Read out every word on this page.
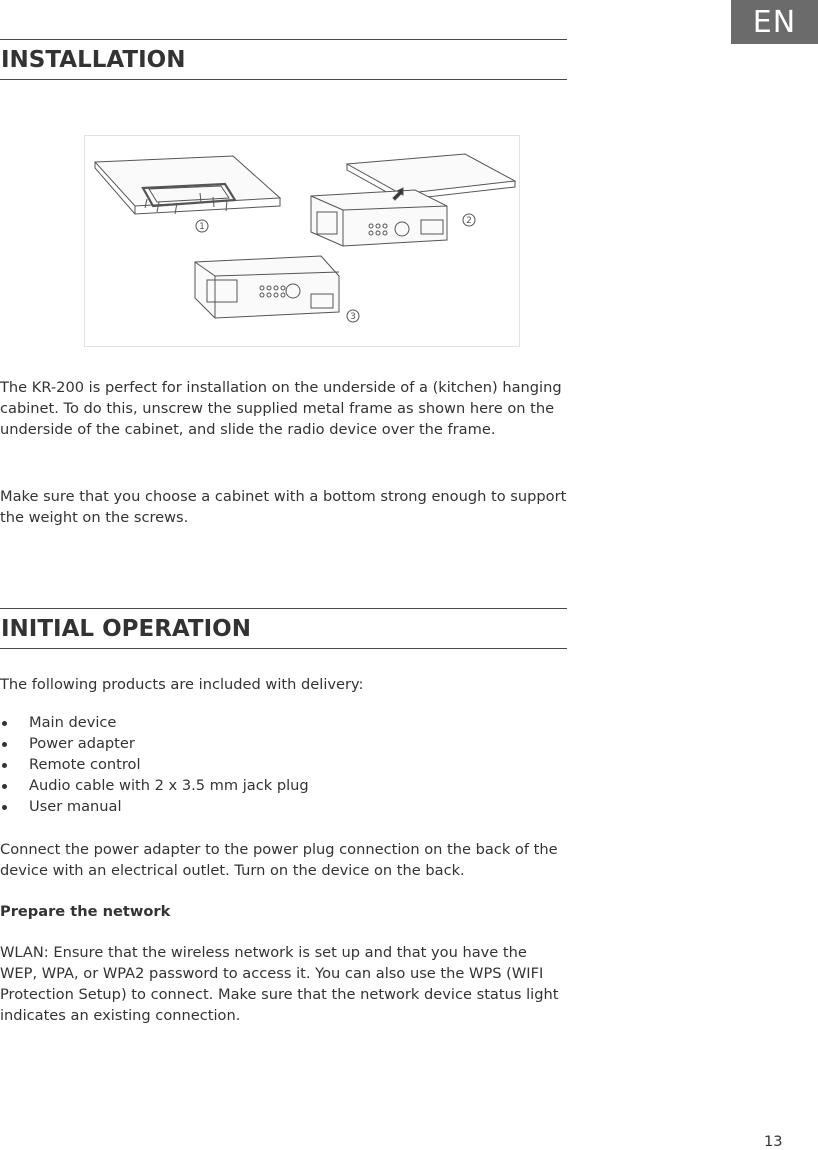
EN
INSTALLATION
1
2
3

The KR-200 is perfect for installation on the underside of a (kitchen) hanging cabinet. To do this, unscrew the supplied metal frame as shown here on the underside of the cabinet, and slide the radio device over the frame.

Make sure that you choose a cabinet with a bottom strong enough to support the weight on the screws.

INITIAL OPERATION

The following products are included with delivery:

Main device
Power adapter
Remote control
Audio cable with 2 x 3.5 mm jack plug
User manual

Connect the power adapter to the power plug connection on the back of the device with an electrical outlet. Turn on the device on the back.

Prepare the network

WLAN: Ensure that the wireless network is set up and that you have the WEP, WPA, or WPA2 password to access it. You can also use the WPS (WIFI Protection Setup) to connect. Make sure that the network device status light indicates an existing connection.

13
